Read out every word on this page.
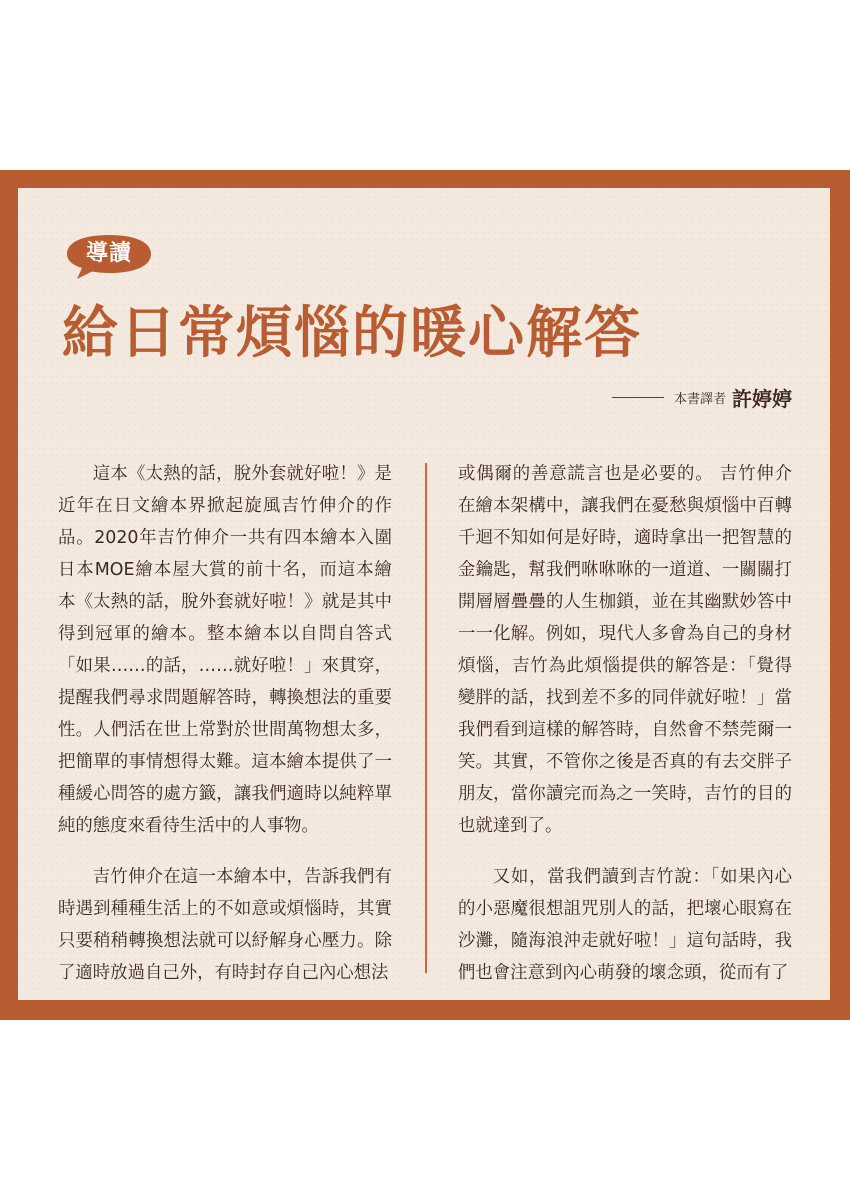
導讀
給日常煩惱的暖心解答
本書譯者 許婷婷

這本《太熱的話，脫外套就好啦！》是近年在日文繪本界掀起旋風吉竹伸介的作品。2020年吉竹伸介一共有四本繪本入圍日本MOE繪本屋大賞的前十名，而這本繪本《太熱的話，脫外套就好啦！》就是其中得到冠軍的繪本。整本繪本以自問自答式「如果……的話，……就好啦！」來貫穿，提醒我們尋求問題解答時，轉換想法的重要性。人們活在世上常對於世間萬物想太多，把簡單的事情想得太難。這本繪本提供了一種緩心問答的處方籤，讓我們適時以純粹單純的態度來看待生活中的人事物。

吉竹伸介在這一本繪本中，告訴我們有時遇到種種生活上的不如意或煩惱時，其實只要稍稍轉換想法就可以紓解身心壓力。除了適時放過自己外，有時封存自己內心想法

或偶爾的善意謊言也是必要的。 吉竹伸介在繪本架構中，讓我們在憂愁與煩惱中百轉千迴不知如何是好時，適時拿出一把智慧的金鑰匙，幫我們咻咻咻的一道道、一關關打開層層疊疊的人生枷鎖，並在其幽默妙答中一一化解。例如，現代人多會為自己的身材煩惱，吉竹為此煩惱提供的解答是：「覺得變胖的話，找到差不多的同伴就好啦！」當我們看到這樣的解答時，自然會不禁莞爾一笑。其實，不管你之後是否真的有去交胖子朋友，當你讀完而為之一笑時，吉竹的目的也就達到了。

又如，當我們讀到吉竹說：「如果內心的小惡魔很想詛咒別人的話，把壞心眼寫在沙灘，隨海浪沖走就好啦！」這句話時，我們也會注意到內心萌發的壞念頭，從而有了
